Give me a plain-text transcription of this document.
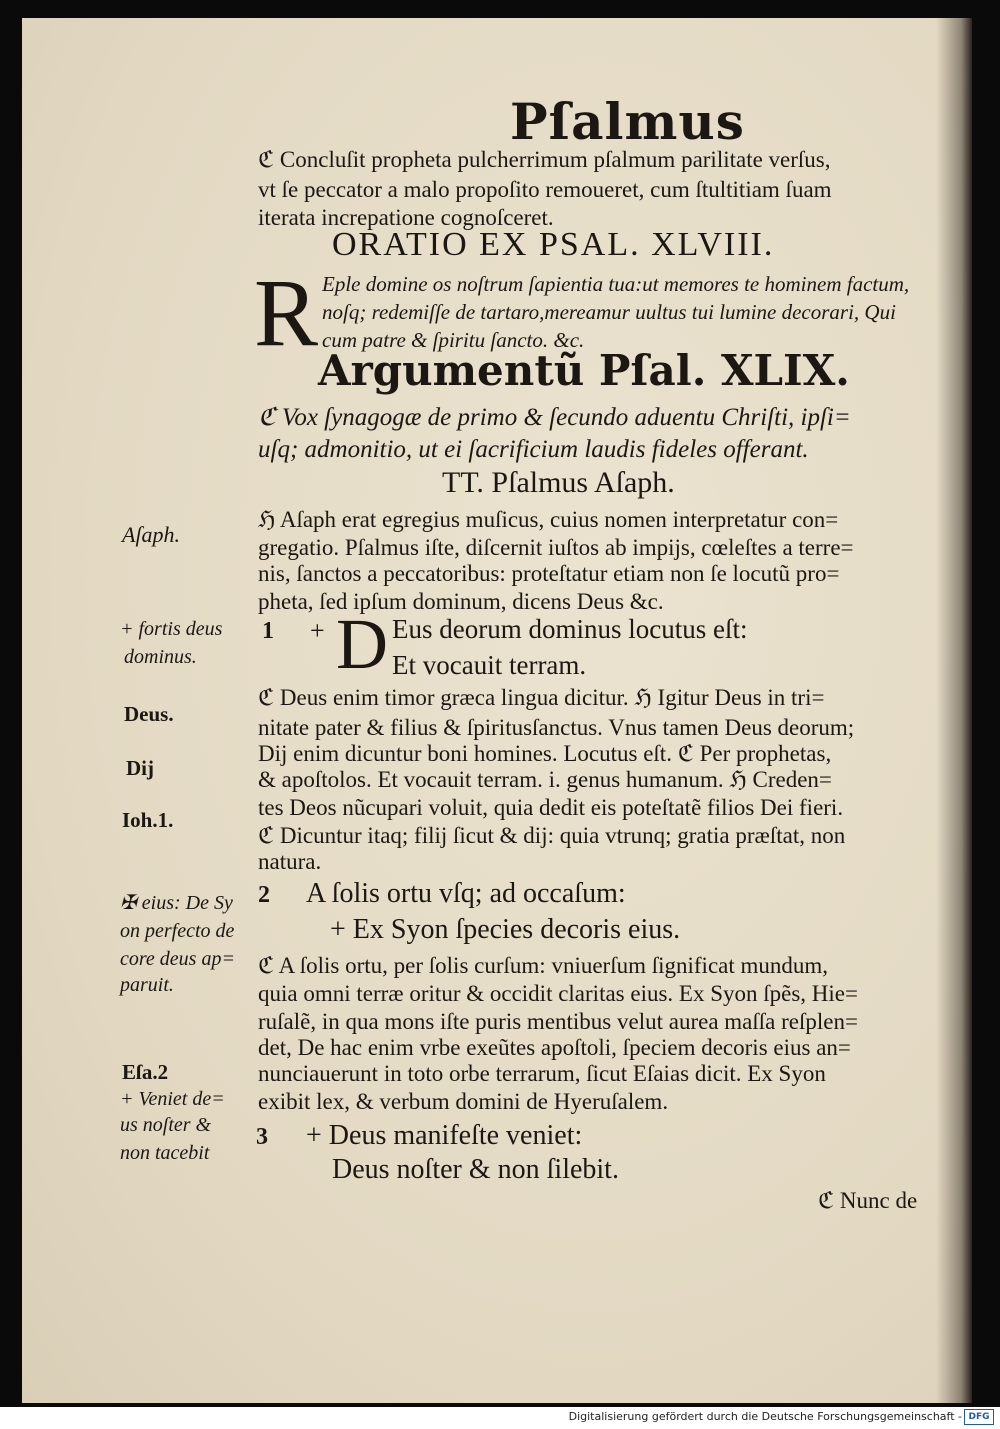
Pſalmus
ℭ Concluſit propheta pulcherrimum pſalmum parilitate verſus,
vt ſe peccator a malo propoſito remoueret, cum ſtultitiam ſuam
iterata increpatione cognoſceret.
ORATIO EX PSAL. XLVIII.
R Eple domine os noſtrum ſapientia tua:ut memores te hominem factum,
noſq; redemiſſe de tartaro,mereamur uultus tui lumine decorari, Qui
cum patre & ſpiritu ſancto. &c.
Argumentũ Pſal. XLIX.
ℭ Vox ſynagogæ de primo & ſecundo aduentu Chriſti, ipſi=
uſq; admonitio, ut ei ſacrificium laudis fideles offerant.
TT. Pſalmus Aſaph.
ℌ Aſaph erat egregius muſicus, cuius nomen interpretatur con=
gregatio. Pſalmus iſte, diſcernit iuſtos ab impijs, cœleſtes a terre=
nis, ſanctos a peccatoribus: proteſtatur etiam non ſe locutũ pro=
pheta, ſed ipſum dominum, dicens Deus &c.
1 + D Eus deorum dominus locutus eſt:
Et vocauit terram.
ℭ Deus enim timor græca lingua dicitur. ℌ Igitur Deus in tri=
nitate pater & filius & ſpiritusſanctus. Vnus tamen Deus deorum;
Dij enim dicuntur boni homines. Locutus eſt. ℭ Per prophetas,
& apoſtolos. Et vocauit terram. i. genus humanum. ℌ Creden=
tes Deos nũcupari voluit, quia dedit eis poteſtatẽ filios Dei fieri.
ℭ Dicuntur itaq; filij ſicut & dij: quia vtrunq; gratia præſtat, non
natura.
2 A ſolis ortu vſq; ad occaſum:
+ Ex Syon ſpecies decoris eius.
ℭ A ſolis ortu, per ſolis curſum: vniuerſum ſignificat mundum,
quia omni terræ oritur & occidit claritas eius. Ex Syon ſpẽs, Hie=
ruſalẽ, in qua mons iſte puris mentibus velut aurea maſſa reſplen=
det, De hac enim vrbe exeũtes apoſtoli, ſpeciem decoris eius an=
nunciauerunt in toto orbe terrarum, ſicut Eſaias dicit. Ex Syon
exibit lex, & verbum domini de Hyeruſalem.
3 + Deus manifeſte veniet:
Deus noſter & non ſilebit.
ℭ Nunc de
Aſaph.
+ fortis deus
dominus.
Deus.
Dij
Ioh.1.
✠ eius: De Sy
on perfecto de
core deus ap=
paruit.
Eſa.2
+ Veniet de=
us noſter &
non tacebit
Digitalisierung gefördert durch die Deutsche Forschungsgemeinschaft - DFG
